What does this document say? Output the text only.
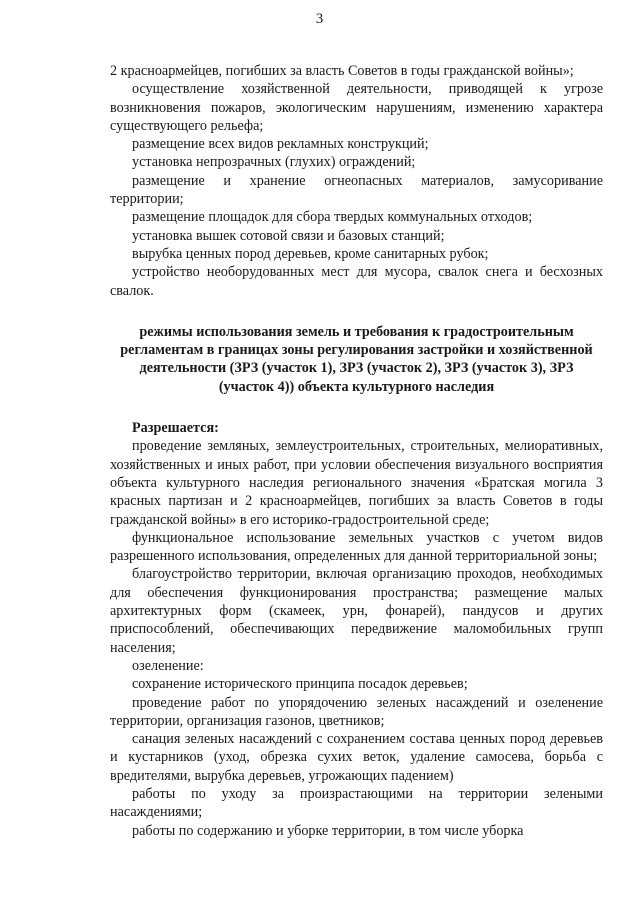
3

2 красноармейцев, погибших за власть Советов в годы гражданской войны»;

осуществление хозяйственной деятельности, приводящей к угрозе возникновения пожаров, экологическим нарушениям, изменению характера существующего рельефа;

размещение всех видов рекламных конструкций;

установка непрозрачных (глухих) ограждений;

размещение и хранение огнеопасных материалов, замусоривание территории;

размещение площадок для сбора твердых коммунальных отходов;

установка вышек сотовой связи и базовых станций;

вырубка ценных пород деревьев, кроме санитарных рубок;

устройство необорудованных мест для мусора, свалок снега и бесхозных свалок.

режимы использования земель и требования к градостроительным регламентам в границах зоны регулирования застройки и хозяйственной деятельности (ЗРЗ (участок 1), ЗРЗ (участок 2), ЗРЗ (участок 3), ЗРЗ (участок 4)) объекта культурного наследия

Разрешается:

проведение земляных, землеустроительных, строительных, мелиоративных, хозяйственных и иных работ, при условии обеспечения визуального восприятия объекта культурного наследия регионального значения «Братская могила 3 красных партизан и 2 красноармейцев, погибших за власть Советов в годы гражданской войны» в его историко-градостроительной среде;

функциональное использование земельных участков с учетом видов разрешенного использования, определенных для данной территориальной зоны;

благоустройство территории, включая организацию проходов, необходимых для обеспечения функционирования пространства; размещение малых архитектурных форм (скамеек, урн, фонарей), пандусов и других приспособлений, обеспечивающих передвижение маломобильных групп населения;

озеленение:

сохранение исторического принципа посадок деревьев;

проведение работ по упорядочению зеленых насаждений и озеленение территории, организация газонов, цветников;

санация зеленых насаждений с сохранением состава ценных пород деревьев и кустарников (уход, обрезка сухих веток, удаление самосева, борьба с вредителями, вырубка деревьев, угрожающих падением)

работы по уходу за произрастающими на территории зелеными насаждениями;

работы по содержанию и уборке территории, в том числе уборка
